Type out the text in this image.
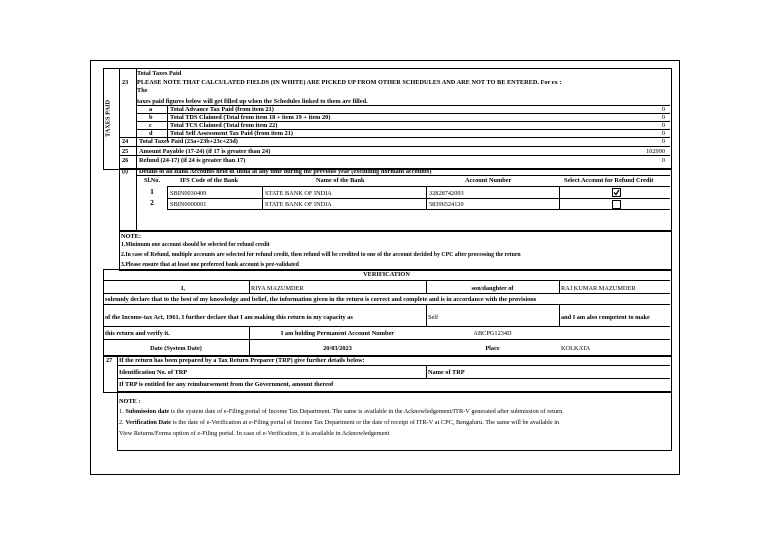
TAXES PAID
Total Taxes Paid
23 PLEASE NOTE THAT CALCULATED FIELDS (IN WHITE) ARE PICKED UP FROM OTHER SCHEDULES AND ARE NOT TO BE ENTERED. For ex :
The
taxes paid figures below will get filled up when the Schedules linked to them are filled.
a	Total Advance Tax Paid (from item 21)	0
b	Total TDS Claimed (Total from item 18 + item 19 + item 20)	0
c	Total TCS Claimed (Total from item 22)	0
d	Total Self Assessment Tax Paid (from item 21)	0
24 Total Taxes Paid (23a+23b+23c+23d)	0
25 Amount Payable (17-24) (if 17 is greater than 24)	102990
26 Refund (24-17) (if 24 is greater than 17)	0
(i) Details of all Bank Accounts held in India at any time during the previous year (excluding dormant accounts)
Sl.No.	IFS Code of the Bank	Name of the Bank	Account Number	Select Account for Refund Credit
1	SBIN0030409	STATE BANK OF INDIA	32828742093
2	SBIN0000001	STATE BANK OF INDIA	58396524120
NOTE:
1.Minimum one account should be selected for refund credit
2.In case of Refund, multiple accounts are selected for refund credit, then refund will be credited to one of the account decided by CPC after processing the return
3.Please ensure that at least one preferred bank account is pre-validated
VERIFICATION
I,	RIYA MAZUMDER	son/daughter of	RAJ KUMAR MAZUMDER
solemnly declare that to the best of my knowledge and belief, the information given in the return is correct and complete and is in accordance with the provisions
of the Income-tax Act, 1961. I further declare that I am making this return in my capacity as	Self	and I am also competent to make
this return and verify it.	I am holding Permanent Account Number	ABCPG1234D
Date (System Date)	20/03/2023	Place	KOLKATA
27 If the return has been prepared by a Tax Return Preparer (TRP) give further details below:
Identification No. of TRP	Name of TRP
If TRP is entitled for any reimbursement from the Government, amount thereof
NOTE :
1. Submission date is the system date of e-Filing portal of Income Tax Department. The same is available in the Acknowledgement/ITR-V generated after submission of return.
2. Verification Date is the date of e-Verification at e-Filing portal of Income Tax Department or the date of receipt of ITR-V at CPC, Bengaluru. The same will be available in
View Returns/Forms option of e-Filing portal. In case of e-Verification, it is available in Acknowledgement
